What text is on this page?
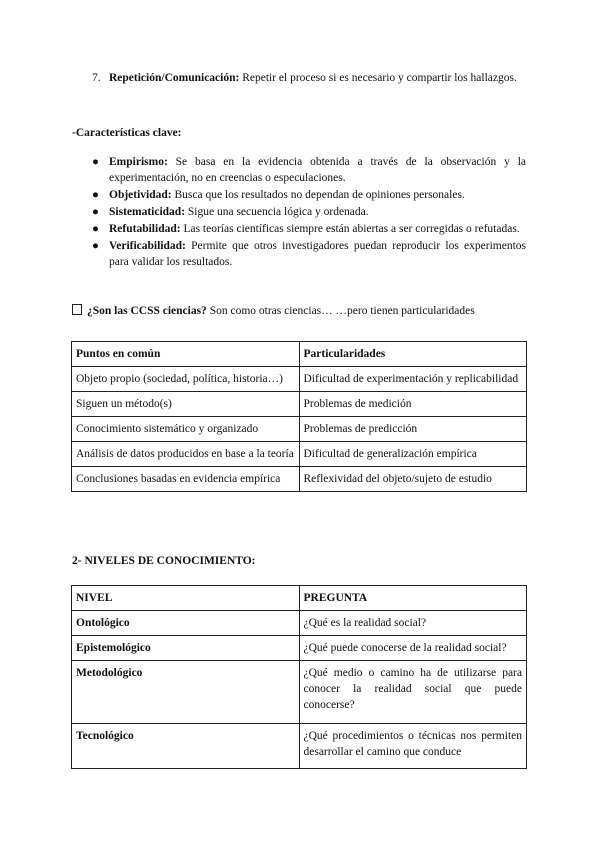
7. Repetición/Comunicación: Repetir el proceso si es necesario y compartir los hallazgos.
-Características clave:
● Empirismo: Se basa en la evidencia obtenida a través de la observación y la experimentación, no en creencias o especulaciones.
● Objetividad: Busca que los resultados no dependan de opiniones personales.
● Sistematicidad: Sigue una secuencia lógica y ordenada.
● Refutabilidad: Las teorías científicas siempre están abiertas a ser corregidas o refutadas.
● Verificabilidad: Permite que otros investigadores puedan reproducir los experimentos para validar los resultados.
¿Son las CCSS ciencias? Son como otras ciencias… …pero tienen particularidades
Puntos en común	Particularidades
Objeto propio (sociedad, política, historia…)	Dificultad de experimentación y replicabilidad
Siguen un método(s)	Problemas de medición
Conocimiento sistemático y organizado	Problemas de predicción
Análisis de datos producidos en base a la teoría	Dificultad de generalización empírica
Conclusiones basadas en evidencia empírica	Reflexividad del objeto/sujeto de estudio
2- NIVELES DE CONOCIMIENTO:
NIVEL	PREGUNTA
Ontológico	¿Qué es la realidad social?
Epistemológico	¿Qué puede conocerse de la realidad social?
Metodológico	¿Qué medio o camino ha de utilizarse para conocer la realidad social que puede conocerse?
Tecnológico	¿Qué procedimientos o técnicas nos permiten desarrollar el camino que conduce
